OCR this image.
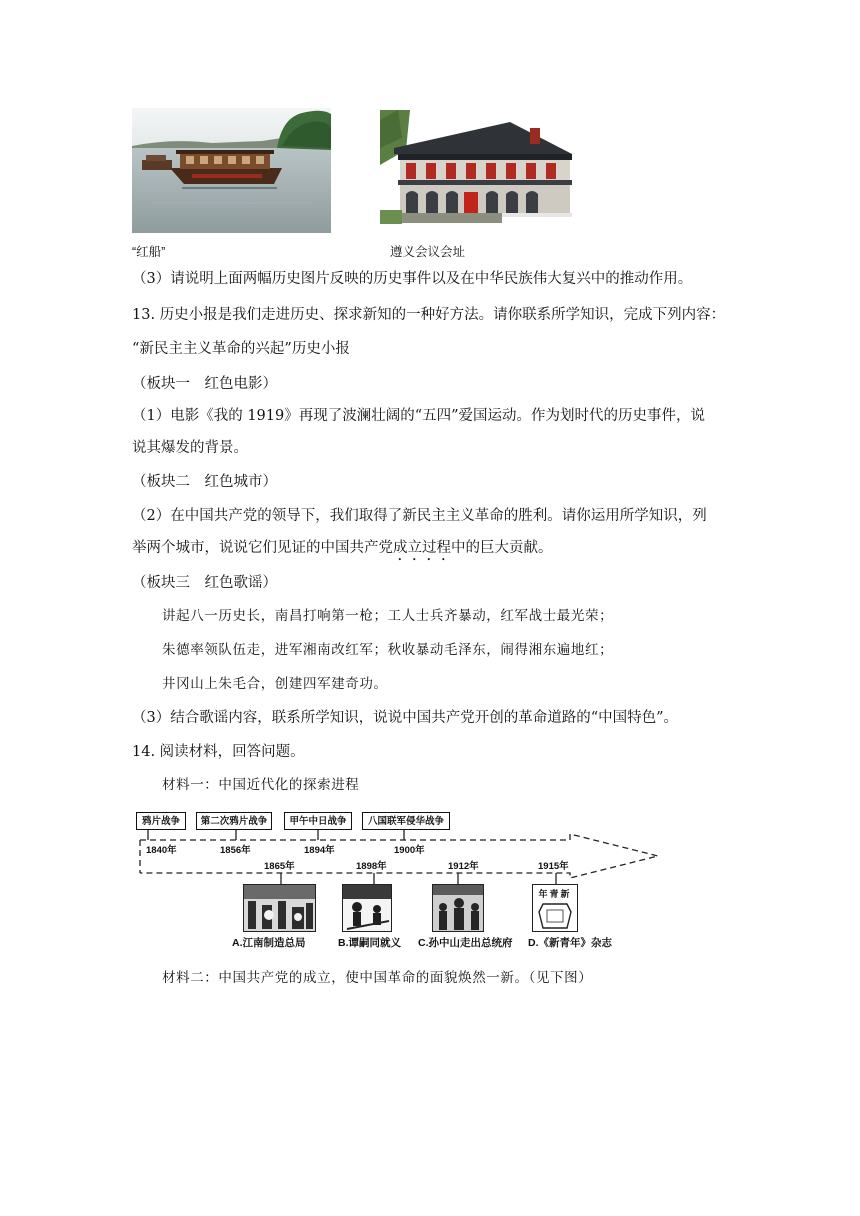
“红船”	遵义会议会址
（3）请说明上面两幅历史图片反映的历史事件以及在中华民族伟大复兴中的推动作用。
13. 历史小报是我们走进历史、探求新知的一种好方法。请你联系所学知识，完成下列内容：
“新民主主义革命的兴起”历史小报
（板块一　红色电影）
（1）电影《我的 1919》再现了波澜壮阔的“五四”爱国运动。作为划时代的历史事件，说
说其爆发的背景。
（板块二　红色城市）
（2）在中国共产党的领导下，我们取得了新民主主义革命的胜利。请你运用所学知识，列
举两个城市，说说它们见证的中国共产党成立过程中的巨大贡献。
（板块三　红色歌谣）
讲起八一历史长，南昌打响第一枪；工人士兵齐暴动，红军战士最光荣；
朱德率领队伍走，进军湘南改红军；秋收暴动毛泽东，闹得湘东遍地红；
井冈山上朱毛合，创建四军建奇功。
（3）结合歌谣内容，联系所学知识，说说中国共产党开创的革命道路的“中国特色”。
14. 阅读材料，回答问题。
材料一：中国近代化的探索进程
鸦片战争	第二次鸦片战争	甲午中日战争	八国联军侵华战争
1840年	1856年	1894年	1900年
1865年	1898年	1912年	1915年
年青新
A.江南制造总局	B.谭嗣同就义 C.孙中山走出总统府 D.《新青年》杂志
材料二：中国共产党的成立，使中国革命的面貌焕然一新。（见下图）
